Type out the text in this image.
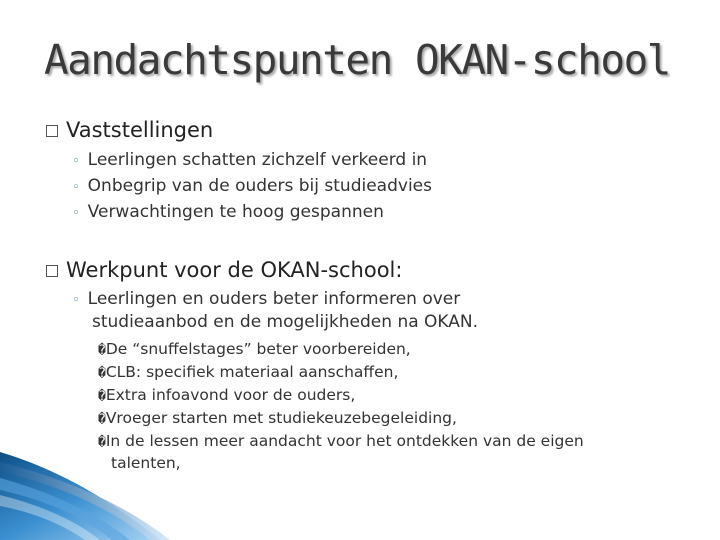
Aandachtspunten OKAN-school
Vaststellingen
◦ Leerlingen schatten zichzelf verkeerd in
◦ Onbegrip van de ouders bij studieadvies
◦ Verwachtingen te hoog gespannen
Werkpunt voor de OKAN-school:
◦ Leerlingen en ouders beter informeren over
studieaanbod en de mogelijkheden na OKAN.
�De “snuffelstages” beter voorbereiden,
�CLB: specifiek materiaal aanschaffen,
�Extra infoavond voor de ouders,
�Vroeger starten met studiekeuzebegeleiding,
�In de lessen meer aandacht voor het ontdekken van de eigen
talenten,
